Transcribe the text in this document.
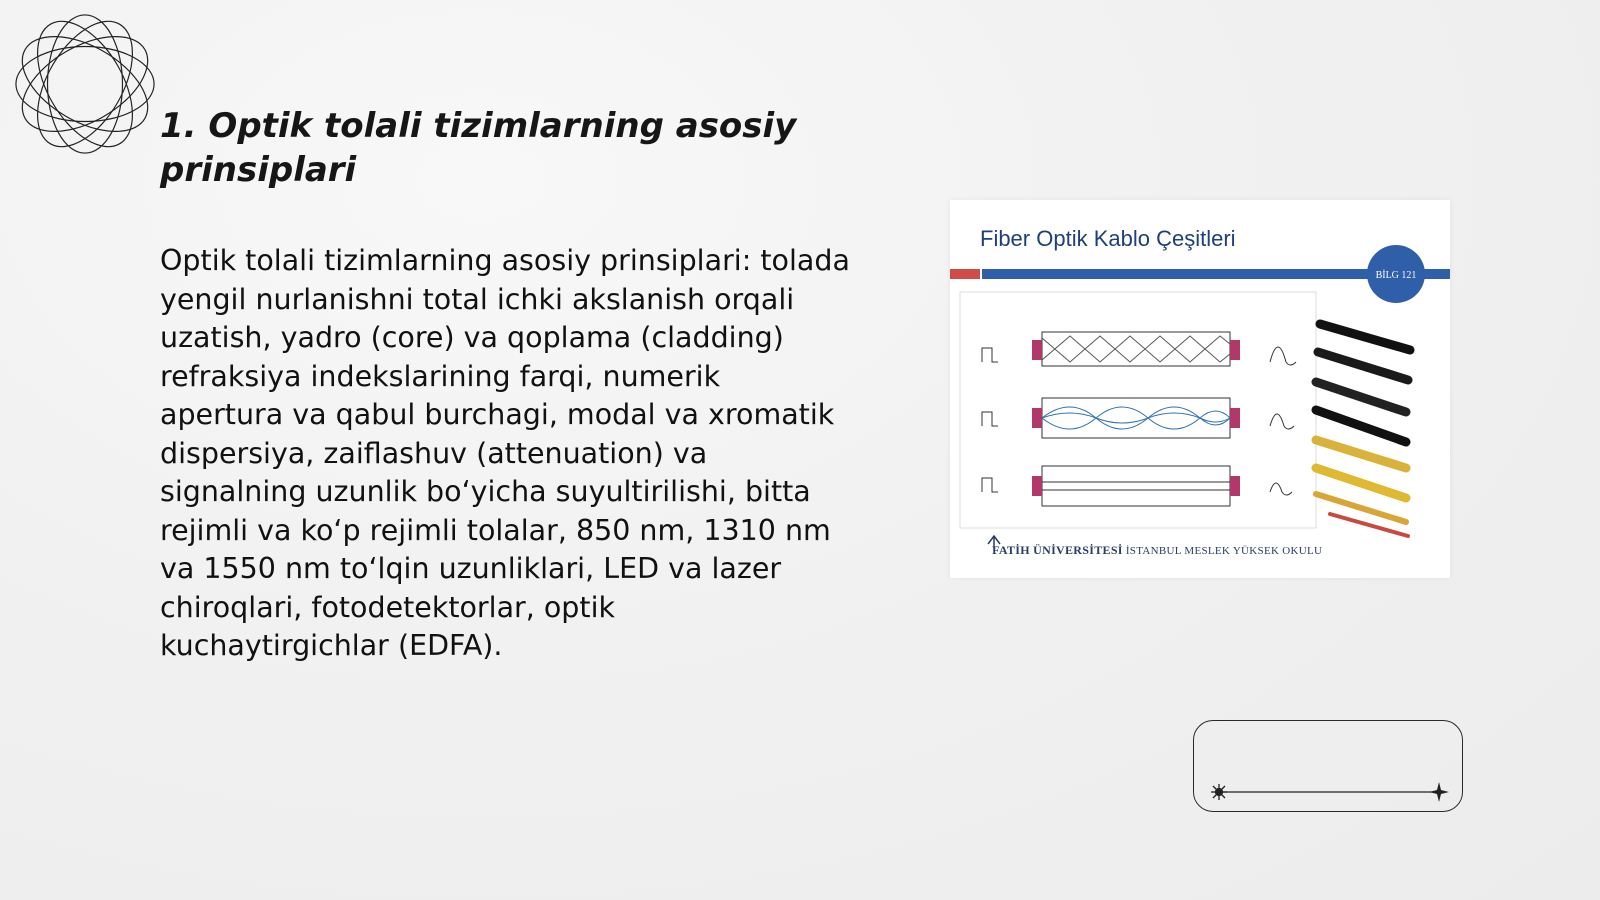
1. Optik tolali tizimlarning asosiy prinsiplari

Optik tolali tizimlarning asosiy prinsiplari: tolada yengil nurlanishni total ichki akslanish orqali uzatish, yadro (core) va qoplama (cladding) refraksiya indekslarining farqi, numerik apertura va qabul burchagi, modal va xromatik dispersiya, zaiflashuv (attenuation) va signalning uzunlik bo‘yicha suyultirilishi, bitta rejimli va ko‘p rejimli tolalar, 850 nm, 1310 nm va 1550 nm to‘lqin uzunliklari, LED va lazer chiroqlari, fotodetektorlar, optik kuchaytirgichlar (EDFA).

BİLG 121
Fiber Optik Kablo Çeşitleri
FATİH ÜNİVERSİTESİ İSTANBUL MESLEK YÜKSEK OKULU
